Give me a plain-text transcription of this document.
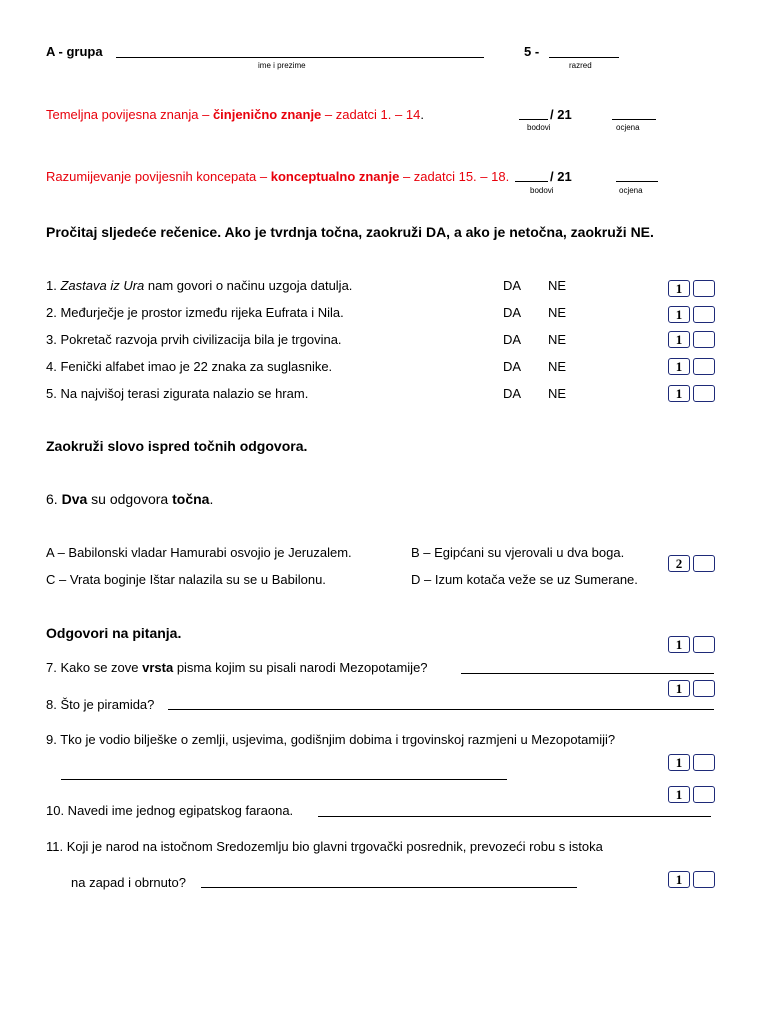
A - grupa
ime i prezime
5 -
razred
Temeljna povijesna znanja – činjenično znanje – zadatci 1. – 14.	/ 21
bodovi	ocjena
Razumijevanje povijesnih koncepata – konceptualno znanje – zadatci 15. – 18.	/ 21
bodovi	ocjena
Pročitaj sljedeće rečenice. Ako je tvrdnja točna, zaokruži DA, a ako je netočna, zaokruži NE.
1. Zastava iz Ura nam govori o načinu uzgoja datulja.	DA NE	1
2. Međurječje je prostor između rijeka Eufrata i Nila.	DA NE	1
3. Pokretač razvoja prvih civilizacija bila je trgovina.	DA NE	1
4. Fenički alfabet imao je 22 znaka za suglasnike.	DA NE	1
5. Na najvišoj terasi zigurata nalazio se hram.	DA NE	1
Zaokruži slovo ispred točnih odgovora.
6. Dva su odgovora točna.
A – Babilonski vladar Hamurabi osvojio je Jeruzalem.	B – Egipćani su vjerovali u dva boga.
C – Vrata boginje Ištar nalazila su se u Babilonu.	D – Izum kotača veže se uz Sumerane.
2
Odgovori na pitanja.
1
7. Kako se zove vrsta pisma kojim su pisali narodi Mezopotamije?
1
8. Što je piramida?
9. Tko je vodio bilješke o zemlji, usjevima, godišnjim dobima i trgovinskoj razmjeni u Mezopotamiji?
1
1
10. Navedi ime jednog egipatskog faraona.
11. Koji je narod na istočnom Sredozemlju bio glavni trgovački posrednik, prevozeći robu s istoka
na zapad i obrnuto?	1
